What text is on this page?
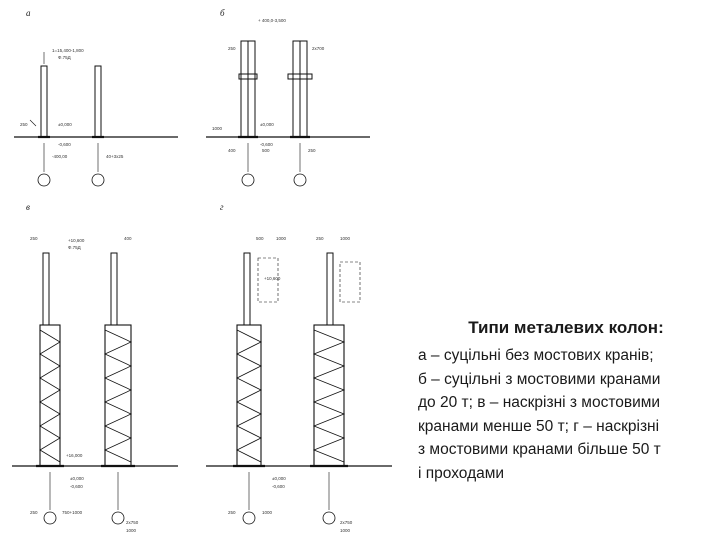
а	б
в	г
1=15,400-1,800
Ф.75Д
±0,000
-0,600
-400,00	40+3х25
250
+ 400,0-3,500
250	2х700
1000
±0,000
-0,600
400	500	250
+10,600
Ф.75Д
250	400
+16,000
±0,000
-0,600
250	750+1000
2х750
1000
500	1000
+10,600
250	1000
±0,000
-0,600
250	1000
2х750
1000
Типи металевих колон:
а – суцільні без мостових кранів;
б – суцільні з мостовими кранами
до 20 т; в – наскрізні з мостовими
кранами менше 50 т; г – наскрізні
з мостовими кранами більше 50 т
і проходами
